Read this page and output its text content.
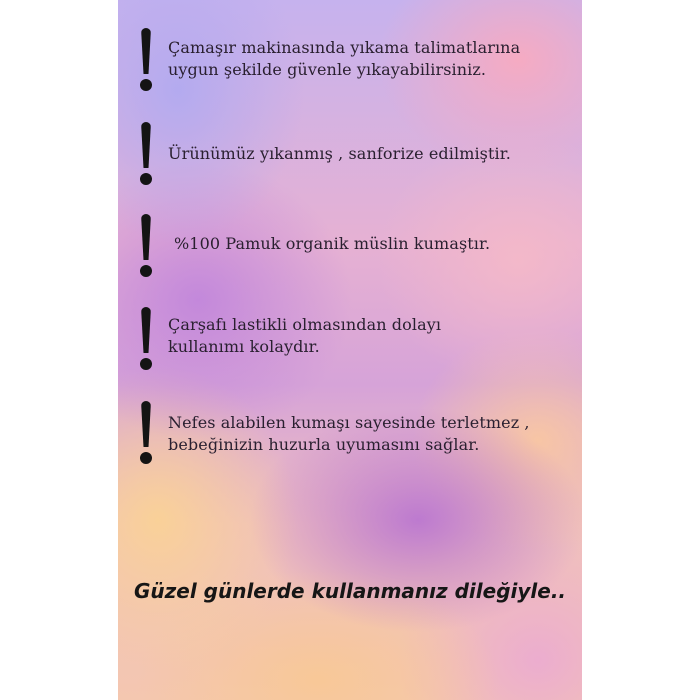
Çamaşır makinasında yıkama talimatlarına
uygun şekilde güvenle yıkayabilirsiniz.
Ürünümüz yıkanmış , sanforize edilmiştir.
%100 Pamuk organik müslin kumaştır.
Çarşafı lastikli olmasından dolayı
kullanımı kolaydır.
Nefes alabilen kumaşı sayesinde terletmez ,
bebeğinizin huzurla uyumasını sağlar.
Güzel günlerde kullanmanız dileğiyle..
